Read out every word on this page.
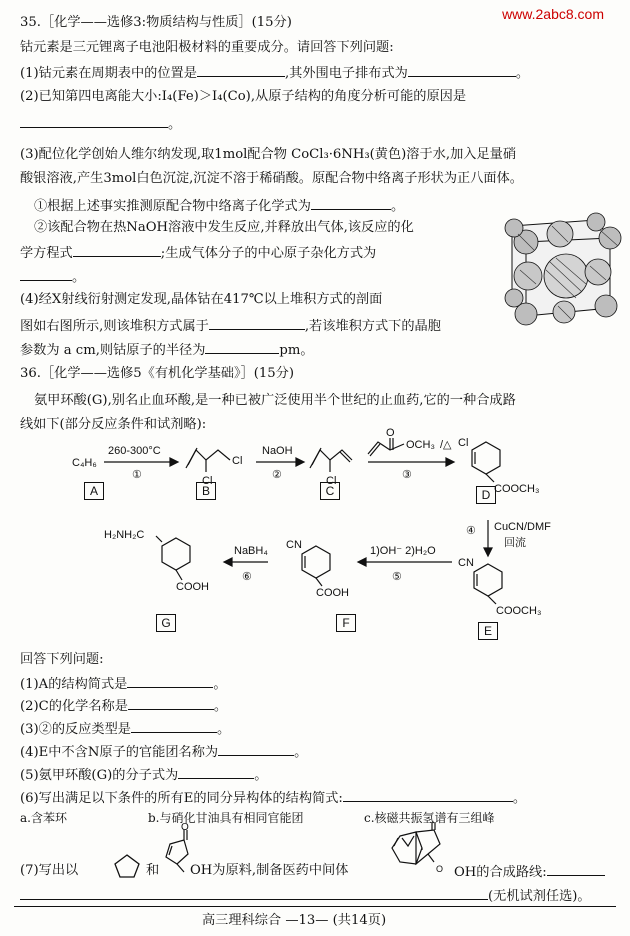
www.2abc8.com
35.［化学——选修3:物质结构与性质］(15分)
钴元素是三元锂离子电池阳极材料的重要成分。请回答下列问题:
(1)钴元素在周期表中的位置是	,其外围电子排布式为	。
(2)已知第四电离能大小:I₄(Fe)＞I₄(Co),从原子结构的角度分析可能的原因是
。
(3)配位化学创始人维尔纳发现,取1mol配合物 CoCl₃·6NH₃(黄色)溶于水,加入足量硝
酸银溶液,产生3mol白色沉淀,沉淀不溶于稀硝酸。原配合物中络离子形状为正八面体。
①根据上述事实推测原配合物中络离子化学式为	。
②该配合物在热NaOH溶液中发生反应,并释放出气体,该反应的化
学方程式	;生成气体分子的中心原子杂化方式为
。
(4)经X射线衍射测定发现,晶体钴在417℃以上堆积方式的剖面
图如右图所示,则该堆积方式属于	,若该堆积方式下的晶胞
参数为 a cm,则钴原子的半径为	pm。
36.［化学——选修5《有机化学基础》］(15分)
氨甲环酸(G),别名止血环酸,是一种已被广泛使用半个世纪的止血药,它的一种合成路
线如下(部分反应条件和试剂略):
C₄H₆
260-300°C
①	Cl
Cl
NaOH
②	Cl
O
OCH₃ /△
③
Cl
COOCH₃
④ CuCN/DMF
回流
CN
COOCH₃
1)OH⁻ 2)H₂O
⑤
CN
COOH
NaBH₄
⑥
H₂NH₂C
COOH
A	B	C	D
E
F
G
回答下列问题:
(1)A的结构简式是	。
(2)C的化学名称是	。
(3)②的反应类型是	。
(4)E中不含N原子的官能团名称为	。
(5)氨甲环酸(G)的分子式为	。
(6)写出满足以下条件的所有E的同分异构体的结构简式:	。
a.含苯环	b.与硝化甘油具有相同官能团	c.核磁共振氢谱有三组峰
(7)写出以	和
O
OH为原料,制备医药中间体	O OH的合成路线:
(无机试剂任选)。
高三理科综合 —13— (共14页)
